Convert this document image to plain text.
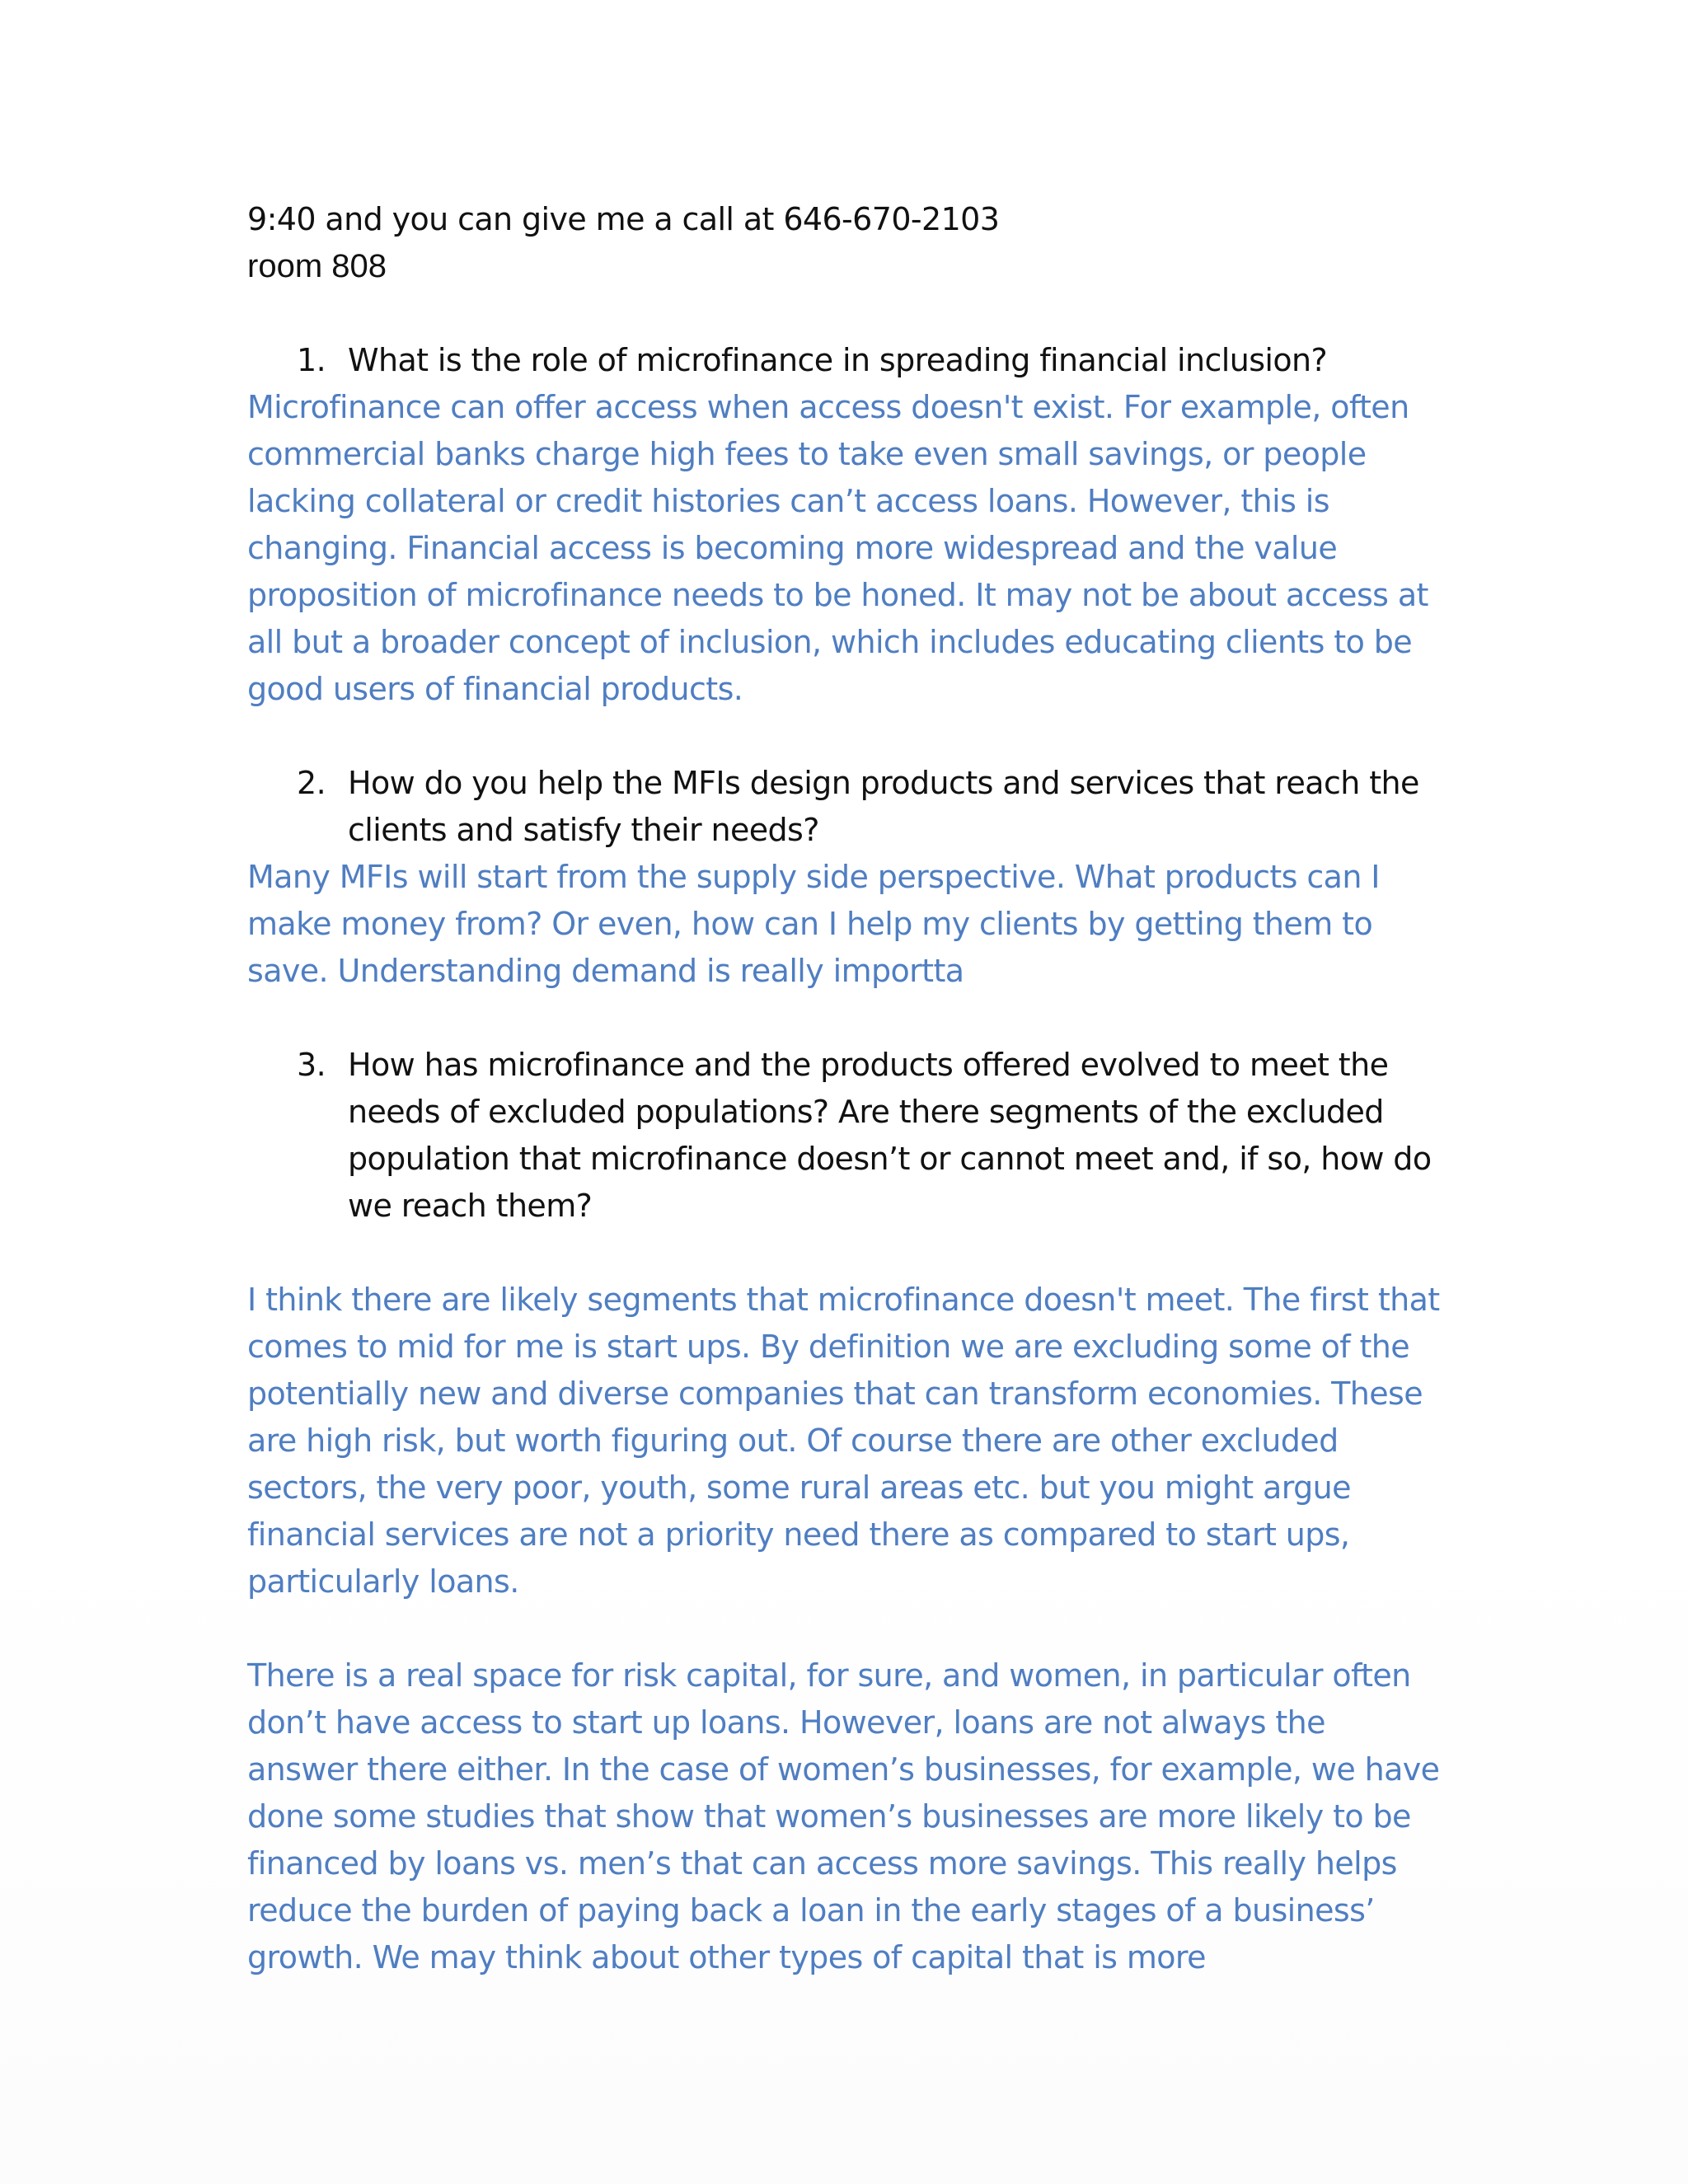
9:40 and you can give me a call at 646-670-2103

room 808

1. What is the role of microfinance in spreading financial inclusion?

Microfinance can offer access when access doesn't exist. For example, often commercial banks charge high fees to take even small savings, or people lacking collateral or credit histories can’t access loans. However, this is changing. Financial access is becoming more widespread and the value proposition of microfinance needs to be honed. It may not be about access at all but a broader concept of inclusion, which includes educating clients to be good users of financial products.

2. How do you help the MFIs design products and services that reach the clients and satisfy their needs?

Many MFIs will start from the supply side perspective. What products can I make money from? Or even, how can I help my clients by getting them to save. Understanding demand is really importta

3. How has microfinance and the products offered evolved to meet the needs of excluded populations? Are there segments of the excluded population that microfinance doesn’t or cannot meet and, if so, how do we reach them?

I think there are likely segments that microfinance doesn't meet. The first that comes to mid for me is start ups. By definition we are excluding some of the potentially new and diverse companies that can transform economies. These are high risk, but worth figuring out. Of course there are other excluded sectors, the very poor, youth, some rural areas etc. but you might argue financial services are not a priority need there as compared to start ups, particularly loans.

There is a real space for risk capital, for sure, and women, in particular often don’t have access to start up loans. However, loans are not always the answer there either. In the case of women’s businesses, for example, we have done some studies that show that women’s businesses are more likely to be financed by loans vs. men’s that can access more savings. This really helps reduce the burden of paying back a loan in the early stages of a business’ growth. We may think about other types of capital that is more
